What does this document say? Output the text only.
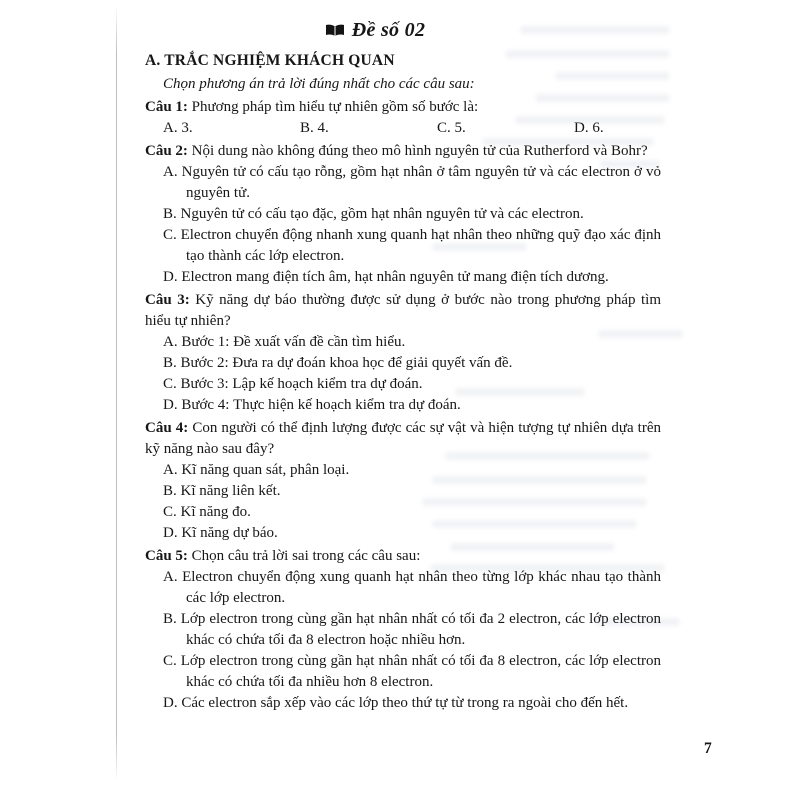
Đề số 02
A. TRẮC NGHIỆM KHÁCH QUAN
Chọn phương án trả lời đúng nhất cho các câu sau:
Câu 1: Phương pháp tìm hiểu tự nhiên gồm số bước là:
A. 3.	B. 4.	C. 5.	D. 6.
Câu 2: Nội dung nào không đúng theo mô hình nguyên tử của Rutherford và Bohr?
A. Nguyên tử có cấu tạo rỗng, gồm hạt nhân ở tâm nguyên tử và các electron ở vỏ nguyên tử.
B. Nguyên tử có cấu tạo đặc, gồm hạt nhân nguyên tử và các electron.
C. Electron chuyển động nhanh xung quanh hạt nhân theo những quỹ đạo xác định tạo thành các lớp electron.
D. Electron mang điện tích âm, hạt nhân nguyên tử mang điện tích dương.
Câu 3: Kỹ năng dự báo thường được sử dụng ở bước nào trong phương pháp tìm hiểu tự nhiên?
A. Bước 1: Đề xuất vấn đề cần tìm hiểu.
B. Bước 2: Đưa ra dự đoán khoa học để giải quyết vấn đề.
C. Bước 3: Lập kế hoạch kiểm tra dự đoán.
D. Bước 4: Thực hiện kế hoạch kiểm tra dự đoán.
Câu 4: Con người có thể định lượng được các sự vật và hiện tượng tự nhiên dựa trên kỹ năng nào sau đây?
A. Kĩ năng quan sát, phân loại.
B. Kĩ năng liên kết.
C. Kĩ năng đo.
D. Kĩ năng dự báo.
Câu 5: Chọn câu trả lời sai trong các câu sau:
A. Electron chuyển động xung quanh hạt nhân theo từng lớp khác nhau tạo thành các lớp electron.
B. Lớp electron trong cùng gần hạt nhân nhất có tối đa 2 electron, các lớp electron khác có chứa tối đa 8 electron hoặc nhiều hơn.
C. Lớp electron trong cùng gần hạt nhân nhất có tối đa 8 electron, các lớp electron khác có chứa tối đa nhiều hơn 8 electron.
D. Các electron sắp xếp vào các lớp theo thứ tự từ trong ra ngoài cho đến hết.
7
